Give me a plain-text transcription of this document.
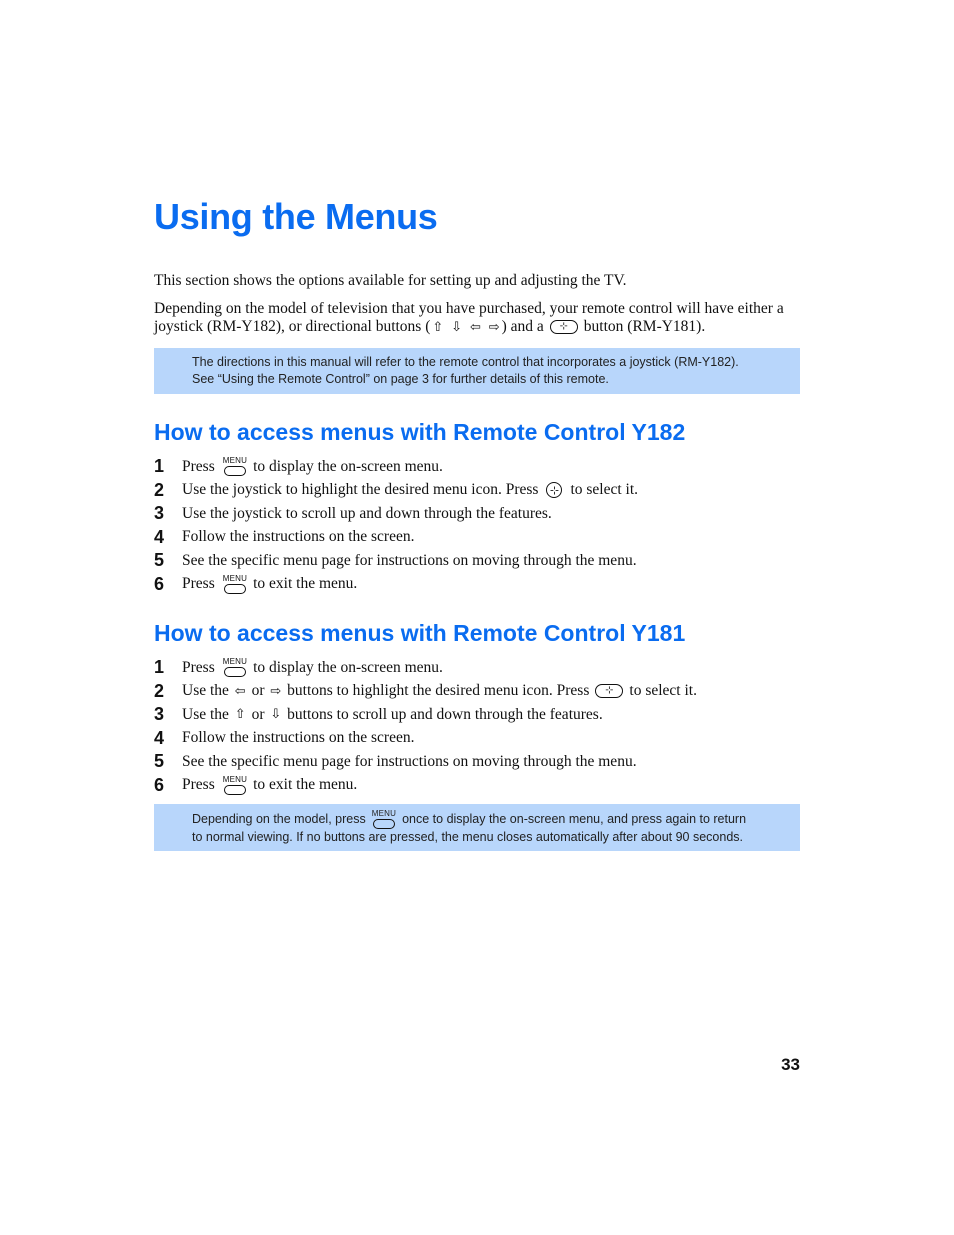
Using the Menus

This section shows the options available for setting up and adjusting the TV.

Depending on the model of television that you have purchased, your remote control will have either a joystick (RM-Y182), or directional buttons ( ⇧ ⇩ ⇦ ⇨ ) and a ⊹ button (RM-Y181).

The directions in this manual will refer to the remote control that incorporates a joystick (RM-Y182).
See “Using the Remote Control” on page 3 for further details of this remote.
How to access menus with Remote Control Y182
1	Press MENU to display the on-screen menu.
2	Use the joystick to highlight the desired menu icon. Press	⊹ to select it.
3	Use the joystick to scroll up and down through the features.
4	Follow the instructions on the screen.
5	See the specific menu page for instructions on moving through the menu.
6	Press MENU to exit the menu.
How to access menus with Remote Control Y181
1	Press MENU to display the on-screen menu.
2	Use the
⇦
or
⇨
buttons to highlight the desired menu icon. Press	⊹	to select it.
3	Use the
⇧
or
⇩
buttons to scroll up and down through the features.
4	Follow the instructions on the screen.
5	See the specific menu page for instructions on moving through the menu.
6	Press MENU to exit the menu.
Depending on the model, press MENU once to display the on-screen menu, and press again to return
to normal viewing. If no buttons are pressed, the menu closes automatically after about 90 seconds.
33
